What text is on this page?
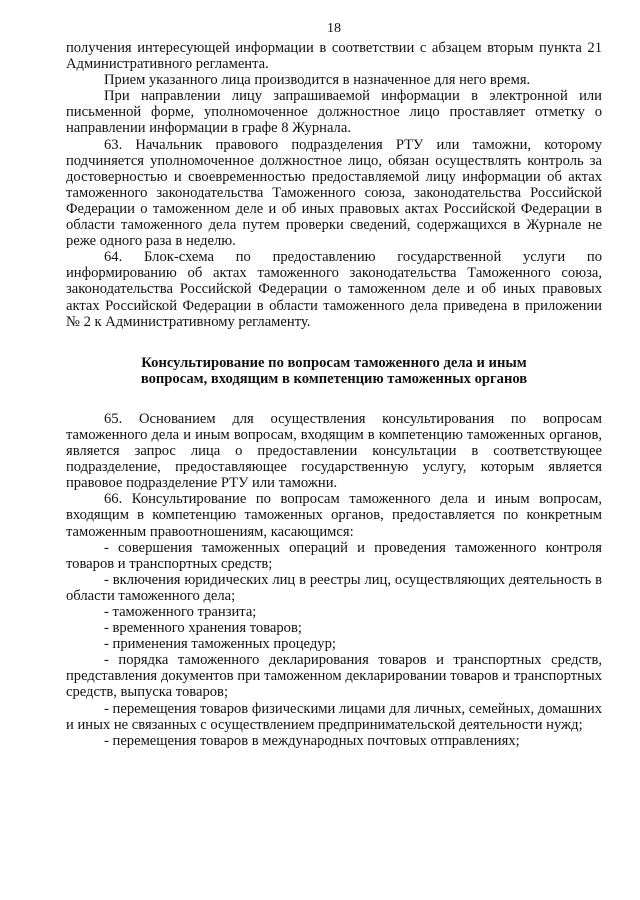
18

получения интересующей информации в соответствии с абзацем вторым пункта 21 Административного регламента.

Прием указанного лица производится в назначенное для него время.

При направлении лицу запрашиваемой информации в электронной или письменной форме, уполномоченное должностное лицо проставляет отметку о направлении информации в графе 8 Журнала.

63. Начальник правового подразделения РТУ или таможни, которому подчиняется уполномоченное должностное лицо, обязан осуществлять контроль за достоверностью и своевременностью предоставляемой лицу информации об актах таможенного законодательства Таможенного союза, законодательства Российской Федерации о таможенном деле и об иных правовых актах Российской Федерации в области таможенного дела путем проверки сведений, содержащихся в Журнале не реже одного раза в неделю.

64. Блок-схема по предоставлению государственной услуги по информированию об актах таможенного законодательства Таможенного союза, законодательства Российской Федерации о таможенном деле и об иных правовых актах Российской Федерации в области таможенного дела приведена в приложении № 2 к Административному регламенту.

Консультирование по вопросам таможенного дела и иным
вопросам, входящим в компетенцию таможенных органов

65. Основанием для осуществления консультирования по вопросам таможенного дела и иным вопросам, входящим в компетенцию таможенных органов, является запрос лица о предоставлении консультации в соответствующее подразделение, предоставляющее государственную услугу, которым является правовое подразделение РТУ или таможни.

66. Консультирование по вопросам таможенного дела и иным вопросам, входящим в компетенцию таможенных органов, предоставляется по конкретным таможенным правоотношениям, касающимся:

- совершения таможенных операций и проведения таможенного контроля товаров и транспортных средств;

- включения юридических лиц в реестры лиц, осуществляющих деятельность в области таможенного дела;

- таможенного транзита;

- временного хранения товаров;

- применения таможенных процедур;

- порядка таможенного декларирования товаров и транспортных средств, представления документов при таможенном декларировании товаров и транспортных средств, выпуска товаров;

- перемещения товаров физическими лицами для личных, семейных, домашних и иных не связанных с осуществлением предпринимательской деятельности нужд;

- перемещения товаров в международных почтовых отправлениях;
